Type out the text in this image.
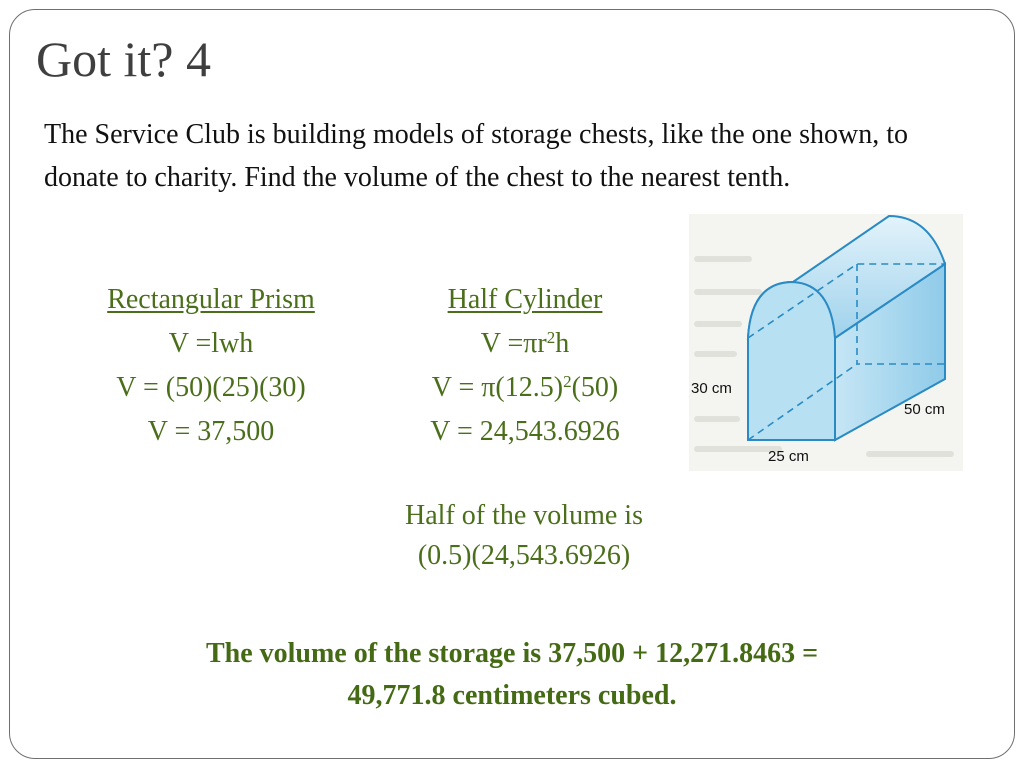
Got it? 4
The Service Club is building models of storage chests, like the one shown, to donate to charity. Find the volume of the chest to the nearest tenth.
Rectangular Prism
V =lwh
V = (50)(25)(30)
V = 37,500
Half Cylinder
$V =\pi r^2h$
$V = \pi(12.5)^2(50)$
V = 24,543.6926
Half of the volume is
(0.5)(24,543.6926)
The volume of the storage is 37,500 + 12,271.8463 =
49,771.8 centimeters cubed.
30 cm
50 cm
25 cm
